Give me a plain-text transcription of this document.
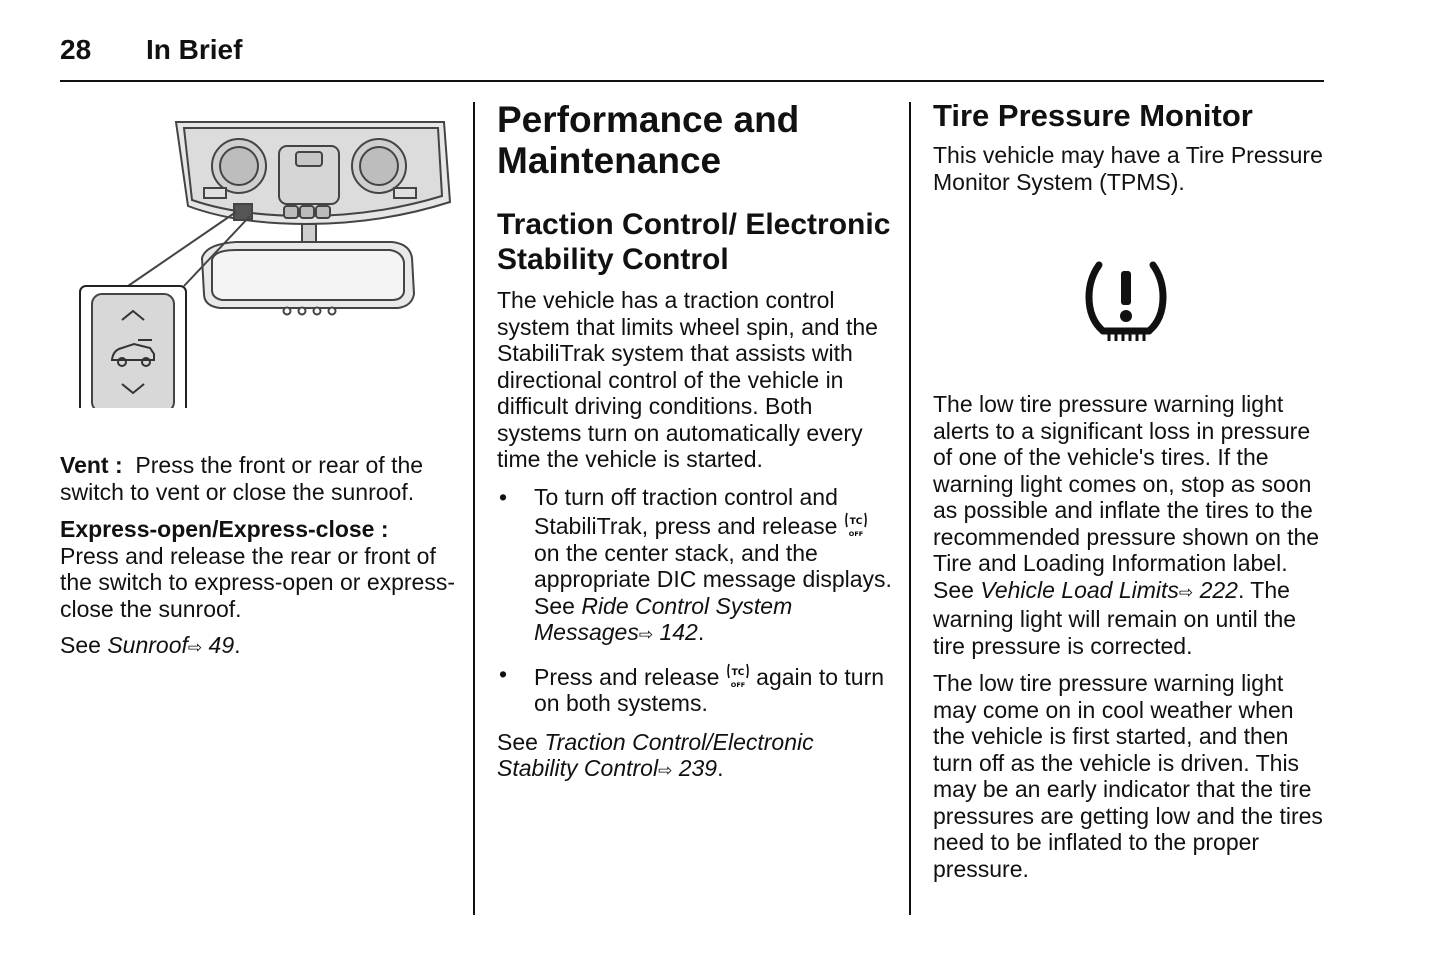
28 In Brief

Vent : Press the front or rear of the switch to vent or close the sunroof.

Express-open/Express-close :
Press and release the rear or front of the switch to express-open or express-close the sunroof.

See Sunroof⇨ 49.

Performance and Maintenance
Traction Control/ Electronic Stability Control

The vehicle has a traction control system that limits wheel spin, and the StabiliTrak system that assists with directional control of the vehicle in difficult driving conditions. Both systems turn on automatically every time the vehicle is started.

• To turn off traction control and StabiliTrak, press and release TC
OFF
on the center stack, and the appropriate DIC message displays. See Ride Control System Messages⇨ 142.
• Press and release TC
OFF again to turn on both systems.

See Traction Control/Electronic Stability Control⇨ 239.

Tire Pressure Monitor

This vehicle may have a Tire Pressure Monitor System (TPMS).

The low tire pressure warning light alerts to a significant loss in pressure of one of the vehicle's tires. If the warning light comes on, stop as soon as possible and inflate the tires to the recommended pressure shown on the Tire and Loading Information label. See Vehicle Load Limits⇨ 222. The warning light will remain on until the tire pressure is corrected.

The low tire pressure warning light may come on in cool weather when the vehicle is first started, and then turn off as the vehicle is driven. This may be an early indicator that the tire pressures are getting low and the tires need to be inflated to the proper pressure.
